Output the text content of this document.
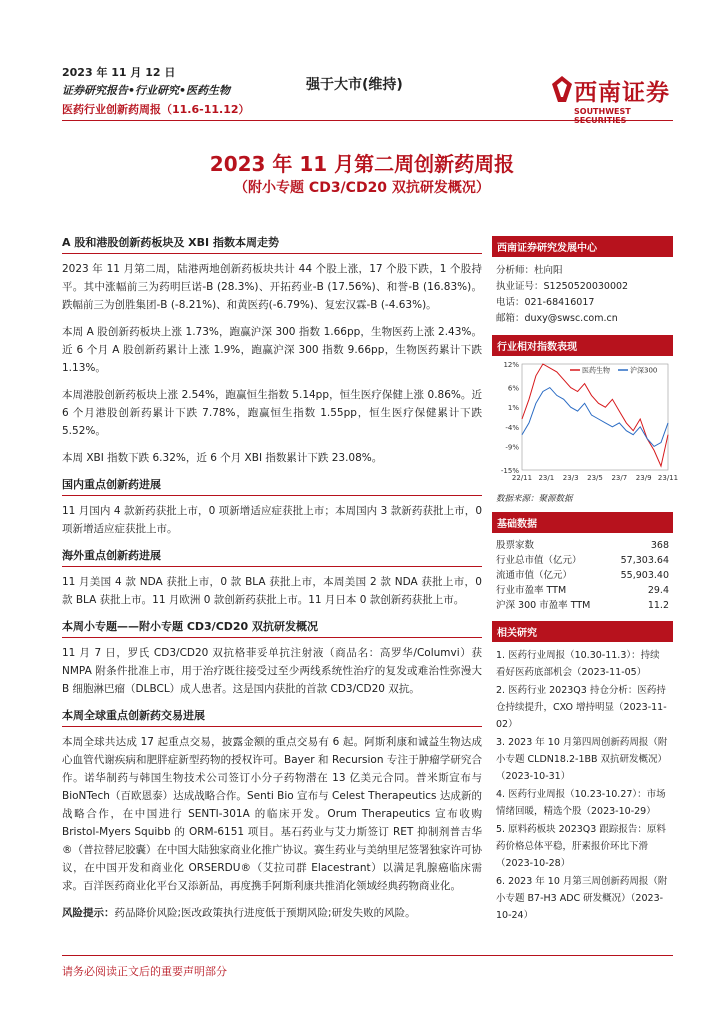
2023 年 11 月 12 日
证券研究报告•行业研究•医药生物
医药行业创新药周报（11.6-11.12）
强于大市(维持)	西南证券
SOUTHWEST
2023 年 11 月第二周创新药周报
（附小专题 CD3/CD20 双抗研发概况）
A 股和港股创新药板块及 XBI 指数本周走势

2023 年 11 月第二周，陆港两地创新药板块共计 44 个股上涨，17 个股下跌，1 个股持平。其中涨幅前三为药明巨诺-B (28.3%)、开拓药业-B (17.56%)、和誉-B (16.83%)。跌幅前三为创胜集团-B (-8.21%)、和黄医药(-6.79%)、复宏汉霖-B (-4.63%)。

本周 A 股创新药板块上涨 1.73%，跑赢沪深 300 指数 1.66pp，生物医药上涨 2.43%。近 6 个月 A 股创新药累计上涨 1.9%，跑赢沪深 300 指数 9.66pp，生物医药累计下跌 1.13%。

本周港股创新药板块上涨 2.54%，跑赢恒生指数 5.14pp，恒生医疗保健上涨 0.86%。近 6 个月港股创新药累计下跌 7.78%，跑赢恒生指数 1.55pp，恒生医疗保健累计下跌 5.52%。

本周 XBI 指数下跌 6.32%，近 6 个月 XBI 指数累计下跌 23.08%。

国内重点创新药进展

11 月国内 4 款新药获批上市，0 项新增适应症获批上市；本周国内 3 款新药获批上市，0 项新增适应症获批上市。

海外重点创新药进展

11 月美国 4 款 NDA 获批上市，0 款 BLA 获批上市，本周美国 2 款 NDA 获批上市，0 款 BLA 获批上市。11 月欧洲 0 款创新药获批上市。11 月日本 0 款创新药获批上市。

本周小专题——附小专题 CD3/CD20 双抗研发概况

11 月 7 日，罗氏 CD3/CD20 双抗格菲妥单抗注射液（商品名：高罗华/Columvi）获 NMPA 附条件批准上市，用于治疗既往接受过至少两线系统性治疗的复发或难治性弥漫大 B 细胞淋巴瘤（DLBCL）成人患者。这是国内获批的首款 CD3/CD20 双抗。

本周全球重点创新药交易进展

本周全球共达成 17 起重点交易，披露金额的重点交易有 6 起。阿斯利康和诚益生物达成心血管代谢疾病和肥胖症新型药物的授权许可。Bayer 和 Recursion 专注于肿瘤学研究合作。诺华制药与韩国生物技术公司签订小分子药物潜在 13 亿美元合同。普米斯宣布与 BioNTech（百欧恩泰）达成战略合作。Senti Bio 宣布与 Celest Therapeutics 达成新的战略合作，在中国进行 SENTI-301A 的临床开发。Orum Therapeutics 宣布收购 Bristol-Myers Squibb 的 ORM-6151 项目。基石药业与艾力斯签订 RET 抑制剂普吉华®（普拉替尼胶囊）在中国大陆独家商业化推广协议。赛生药业与美纳里尼签署独家许可协议，在中国开发和商业化 ORSERDU®（艾拉司群 Elacestrant）以满足乳腺癌临床需求。百洋医药商业化平台又添新品，再度携手阿斯利康共推消化领域经典药物商业化。

风险提示：药品降价风险;医改政策执行进度低于预期风险;研发失败的风险。

西南证券研究发展中心
分析师：杜向阳
执业证号：S1250520030002
电话：021-68416017
邮箱：duxy@swsc.com.cn
行业相对指数表现
12%
6%
1%
-4%
-9%
-15%
22/11 23/1 23/3 23/5 23/7 23/9 23/11
医药生物	沪深300
数据来源：聚源数据
基础数据
股票家数	368
行业总市值（亿元）	57,303.64
流通市值（亿元）	55,903.40
行业市盈率 TTM	29.4
沪深 300 市盈率 TTM	11.2
相关研究

1. 医药行业周报（10.30-11.3）：持续看好医药底部机会（2023-11-05）

2. 医药行业 2023Q3 持仓分析：医药持仓持续提升，CXO 增持明显（2023-11-02）

3. 2023 年 10 月第四周创新药周报（附小专题 CLDN18.2-1BB 双抗研发概况）（2023-10-31）

4. 医药行业周报（10.23-10.27）：市场情绪回暖，精选个股（2023-10-29）

5. 原料药板块 2023Q3 跟踪报告：原料药价格总体平稳，肝素报价环比下滑（2023-10-28）

6. 2023 年 10 月第三周创新药周报（附小专题 B7-H3 ADC 研发概况）（2023-10-24）

请务必阅读正文后的重要声明部分
